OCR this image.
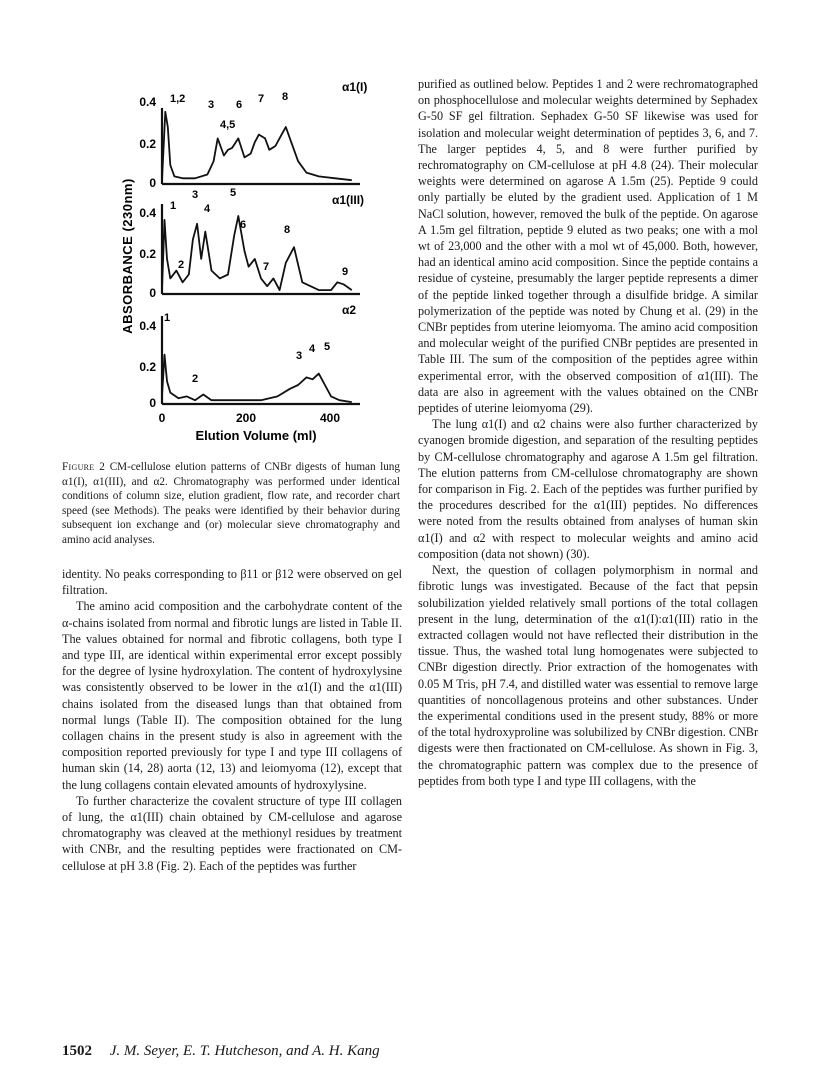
0.4
0.2
0
α1(I)
1,2 3
4,5
6 7 8
0.4
0.2
0
α1(III)
1
2
3
4
5
6
7
8
9
0.4
0.2
0
α2
1
2
3
4 5
0	200	400
Elution Volume (ml)
ABSORBANCE (230nm)
Figure 2 CM-cellulose elution patterns of CNBr digests of human lung α1(I), α1(III), and α2. Chromatography was performed under identical conditions of column size, elution gradient, flow rate, and recorder chart speed (see Methods). The peaks were identified by their behavior during subsequent ion exchange and (or) molecular sieve chromatography and amino acid analyses.

identity. No peaks corresponding to β11 or β12 were observed on gel filtration.

The amino acid composition and the carbohydrate content of the α-chains isolated from normal and fibrotic lungs are listed in Table II. The values obtained for normal and fibrotic collagens, both type I and type III, are identical within experimental error except possibly for the degree of lysine hydroxylation. The content of hydroxylysine was consistently observed to be lower in the α1(I) and the α1(III) chains isolated from the diseased lungs than that obtained from normal lungs (Table II). The composition obtained for the lung collagen chains in the present study is also in agreement with the composition reported previously for type I and type III collagens of human skin (14, 28) aorta (12, 13) and leiomyoma (12), except that the lung collagens contain elevated amounts of hydroxylysine.

To further characterize the covalent structure of type III collagen of lung, the α1(III) chain obtained by CM-cellulose and agarose chromatography was cleaved at the methionyl residues by treatment with CNBr, and the resulting peptides were fractionated on CM-cellulose at pH 3.8 (Fig. 2). Each of the peptides was further

purified as outlined below. Peptides 1 and 2 were rechromatographed on phosphocellulose and molecular weights determined by Sephadex G-50 SF gel filtration. Sephadex G-50 SF likewise was used for isolation and molecular weight determination of peptides 3, 6, and 7. The larger peptides 4, 5, and 8 were further purified by rechromatography on CM-cellulose at pH 4.8 (24). Their molecular weights were determined on agarose A 1.5m (25). Peptide 9 could only partially be eluted by the gradient used. Application of 1 M NaCl solution, however, removed the bulk of the peptide. On agarose A 1.5m gel filtration, peptide 9 eluted as two peaks; one with a mol wt of 23,000 and the other with a mol wt of 45,000. Both, however, had an identical amino acid composition. Since the peptide contains a residue of cysteine, presumably the larger peptide represents a dimer of the peptide linked together through a disulfide bridge. A similar polymerization of the peptide was noted by Chung et al. (29) in the CNBr peptides from uterine leiomyoma. The amino acid composition and molecular weight of the purified CNBr peptides are presented in Table III. The sum of the composition of the peptides agree within experimental error, with the observed composition of α1(III). The data are also in agreement with the values obtained on the CNBr peptides of uterine leiomyoma (29).

The lung α1(I) and α2 chains were also further characterized by cyanogen bromide digestion, and separation of the resulting peptides by CM-cellulose chromatography and agarose A 1.5m gel filtration. The elution patterns from CM-cellulose chromatography are shown for comparison in Fig. 2. Each of the peptides was further purified by the procedures described for the α1(III) peptides. No differences were noted from the results obtained from analyses of human skin α1(I) and α2 with respect to molecular weights and amino acid composition (data not shown) (30).

Next, the question of collagen polymorphism in normal and fibrotic lungs was investigated. Because of the fact that pepsin solubilization yielded relatively small portions of the total collagen present in the lung, determination of the α1(I):α1(III) ratio in the extracted collagen would not have reflected their distribution in the tissue. Thus, the washed total lung homogenates were subjected to CNBr digestion directly. Prior extraction of the homogenates with 0.05 M Tris, pH 7.4, and distilled water was essential to remove large quantities of noncollagenous proteins and other substances. Under the experimental conditions used in the present study, 88% or more of the total hydroxyproline was solubilized by CNBr digestion. CNBr digests were then fractionated on CM-cellulose. As shown in Fig. 3, the chromatographic pattern was complex due to the presence of peptides from both type I and type III collagens, with the

1502 J. M. Seyer, E. T. Hutcheson, and A. H. Kang
